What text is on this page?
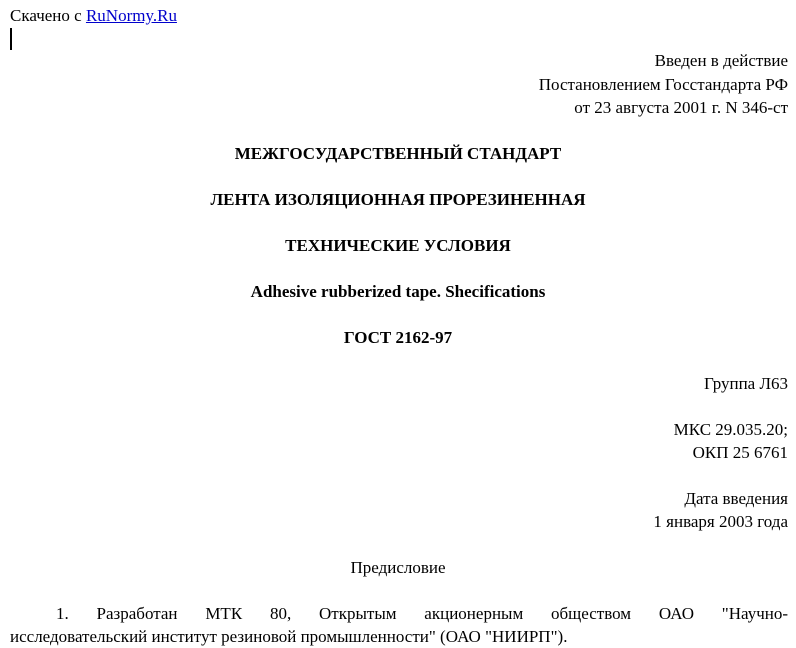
Скачено с RuNormy.Ru
Введен в действие
Постановлением Госстандарта РФ
от 23 августа 2001 г. N 346-ст
МЕЖГОСУДАРСТВЕННЫЙ СТАНДАРТ
ЛЕНТА ИЗОЛЯЦИОННАЯ ПРОРЕЗИНЕННАЯ
ТЕХНИЧЕСКИЕ УСЛОВИЯ
Adhesive rubberized tape. Shecifications
ГОСТ 2162-97
Группа Л63
МКС 29.035.20;
ОКП 25 6761
Дата введения
1 января 2003 года
Предисловие
1. Разработан МТК 80, Открытым акционерным обществом ОАО "Научно-
исследовательский институт резиновой промышленности" (ОАО "НИИРП").
